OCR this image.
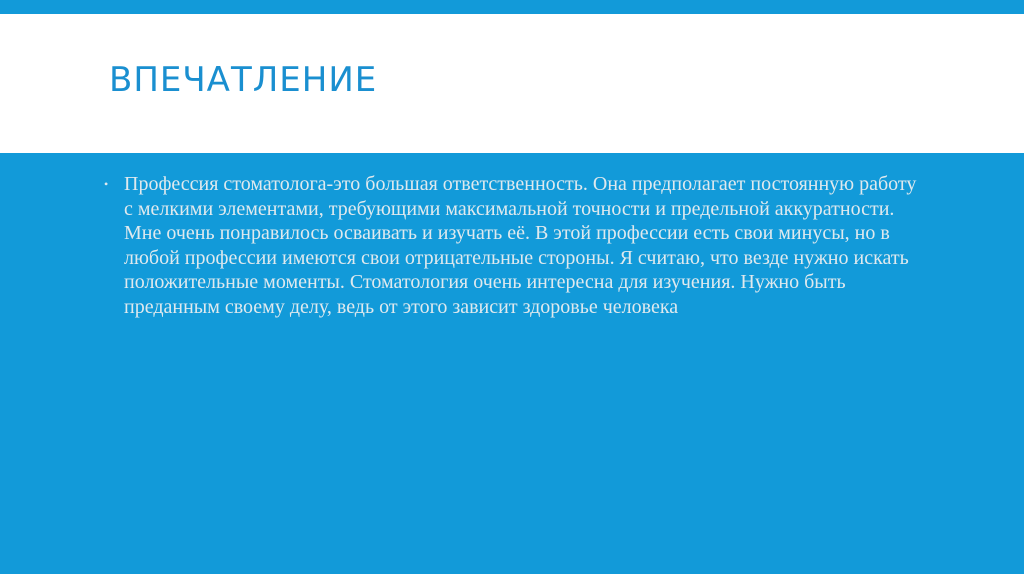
ВПЕЧАТЛЕНИЕ
• Профессия стоматолога-это большая ответственность. Она предполагает постоянную работу с мелкими элементами, требующими максимальной точности и предельной аккуратности. Мне очень понравилось осваивать и изучать её. В этой профессии есть свои минусы, но в любой профессии имеются свои отрицательные стороны. Я считаю, что везде нужно искать положительные моменты. Стоматология очень интересна для изучения. Нужно быть преданным своему делу, ведь от этого зависит здоровье человека
